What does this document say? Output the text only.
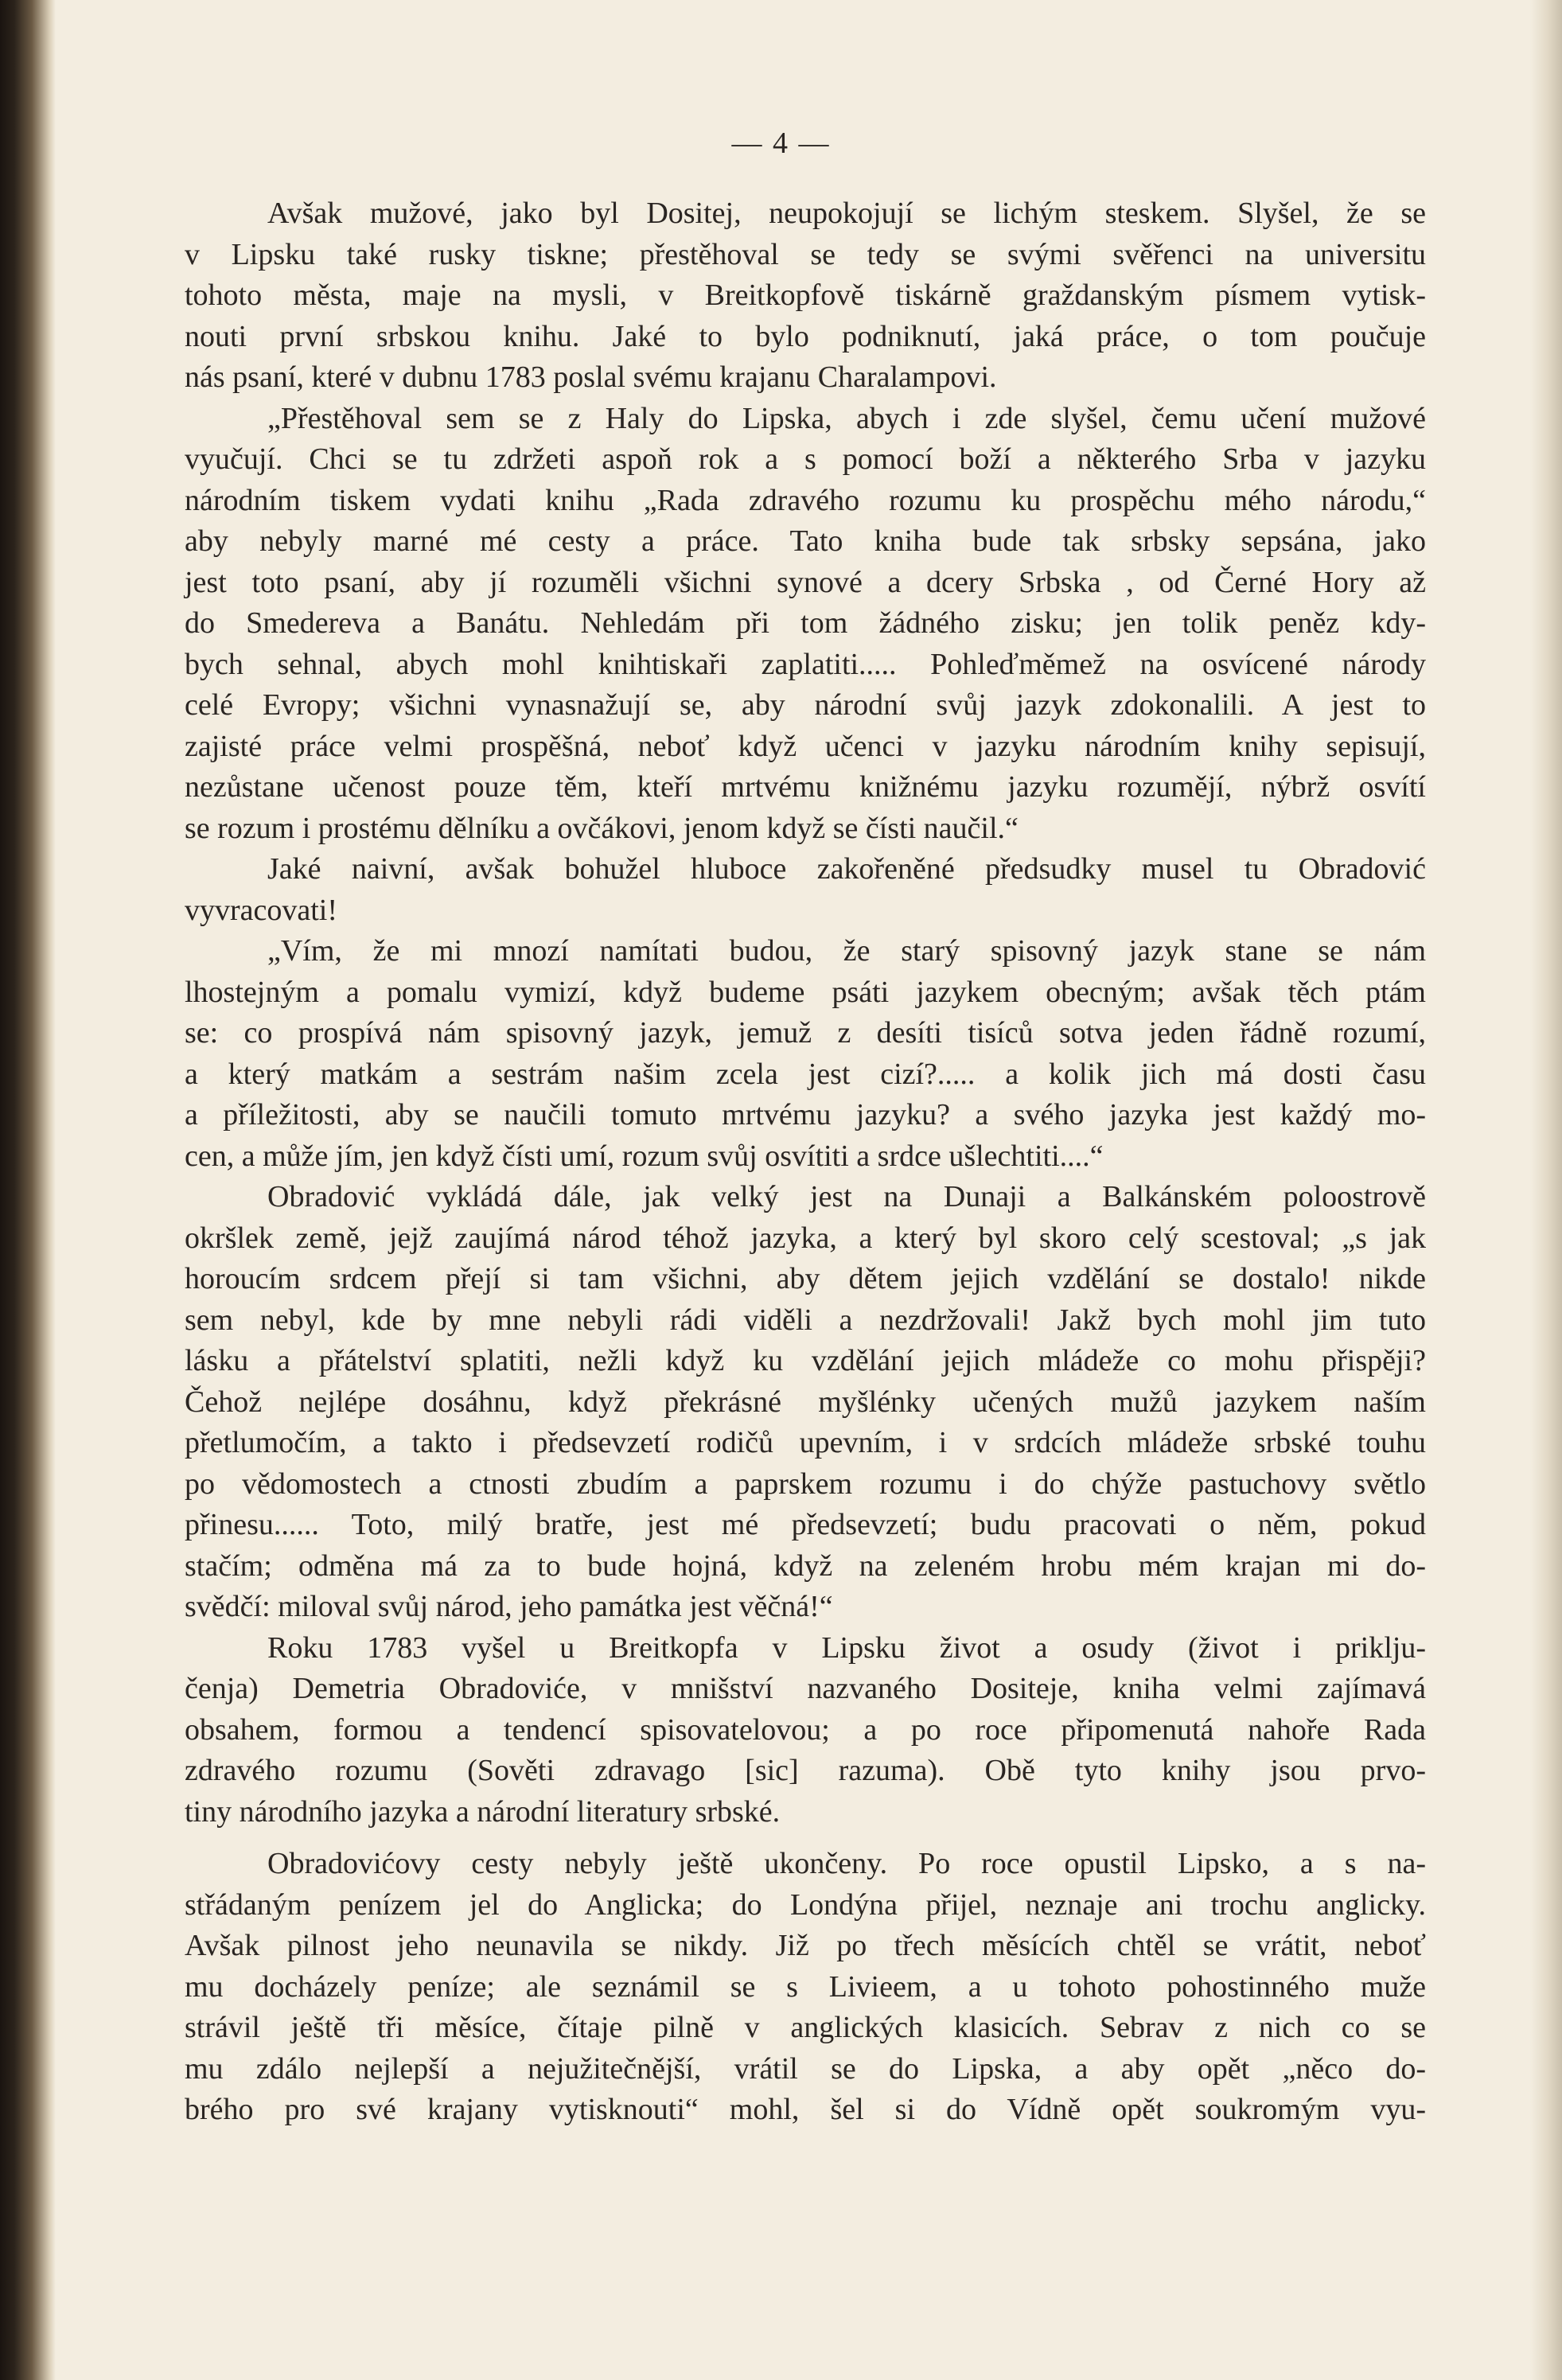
— 4 —
Avšak mužové, jako byl Dositej, neupokojují se lichým steskem. Slyšel, že se
v Lipsku také rusky tiskne; přestěhoval se tedy se svými svěřenci na universitu
tohoto města, maje na mysli, v Breitkopfově tiskárně graždanským písmem vytisk-
nouti první srbskou knihu. Jaké to bylo podniknutí, jaká práce, o tom poučuje
nás psaní, které v dubnu 1783 poslal svému krajanu Charalampovi.
„Přestěhoval sem se z Haly do Lipska, abych i zde slyšel, čemu učení mužové
vyučují. Chci se tu zdržeti aspoň rok a s pomocí boží a některého Srba v jazyku
národním tiskem vydati knihu „Rada zdravého rozumu ku prospěchu mého národu,“
aby nebyly marné mé cesty a práce. Tato kniha bude tak srbsky sepsána, jako
jest toto psaní, aby jí rozuměli všichni synové a dcery Srbska , od Černé Hory až
do Smedereva a Banátu. Nehledám při tom žádného zisku; jen tolik peněz kdy-
bych sehnal, abych mohl knihtiskaři zaplatiti..... Pohleďměmež na osvícené národy
celé Evropy; všichni vynasnažují se, aby národní svůj jazyk zdokonalili. A jest to
zajisté práce velmi prospěšná, neboť když učenci v jazyku národním knihy sepisují,
nezůstane učenost pouze těm, kteří mrtvému knižnému jazyku rozumějí, nýbrž osvítí
se rozum i prostému dělníku a ovčákovi, jenom když se čísti naučil.“
Jaké naivní, avšak bohužel hluboce zakořeněné předsudky musel tu Obradović
vyvracovati!
„Vím, že mi mnozí namítati budou, že starý spisovný jazyk stane se nám
lhostejným a pomalu vymizí, když budeme psáti jazykem obecným; avšak těch ptám
se: co prospívá nám spisovný jazyk, jemuž z desíti tisíců sotva jeden řádně rozumí,
a který matkám a sestrám našim zcela jest cizí?..... a kolik jich má dosti času
a příležitosti, aby se naučili tomuto mrtvému jazyku? a svého jazyka jest každý mo-
cen, a může jím, jen když čísti umí, rozum svůj osvítiti a srdce ušlechtiti....“
Obradović vykládá dále, jak velký jest na Dunaji a Balkánském poloostrově
okršlek země, jejž zaujímá národ téhož jazyka, a který byl skoro celý scestoval; „s jak
horoucím srdcem přejí si tam všichni, aby dětem jejich vzdělání se dostalo! nikde
sem nebyl, kde by mne nebyli rádi viděli a nezdržovali! Jakž bych mohl jim tuto
lásku a přátelství splatiti, nežli když ku vzdělání jejich mládeže co mohu přispěji?
Čehož nejlépe dosáhnu, když překrásné myšlénky učených mužů jazykem naším
přetlumočím, a takto i předsevzetí rodičů upevním, i v srdcích mládeže srbské touhu
po vědomostech a ctnosti zbudím a paprskem rozumu i do chýže pastuchovy světlo
přinesu...... Toto, milý bratře, jest mé předsevzetí; budu pracovati o něm, pokud
stačím; odměna má za to bude hojná, když na zeleném hrobu mém krajan mi do-
svědčí: miloval svůj národ, jeho památka jest věčná!“
Roku 1783 vyšel u Breitkopfa v Lipsku život a osudy (život i priklju-
čenja) Demetria Obradoviće, v mnišství nazvaného Dositeje, kniha velmi zajímavá
obsahem, formou a tendencí spisovatelovou; a po roce připomenutá nahoře Rada
zdravého rozumu (Sověti zdravago [sic] razuma). Obě tyto knihy jsou prvo-
tiny národního jazyka a národní literatury srbské.
Obradovićovy cesty nebyly ještě ukončeny. Po roce opustil Lipsko, a s na-
střádaným penízem jel do Anglicka; do Londýna přijel, neznaje ani trochu anglicky.
Avšak pilnost jeho neunavila se nikdy. Již po třech měsících chtěl se vrátit, neboť
mu docházely peníze; ale seznámil se s Livieem, a u tohoto pohostinného muže
strávil ještě tři měsíce, čítaje pilně v anglických klasicích. Sebrav z nich co se
mu zdálo nejlepší a nejužitečnější, vrátil se do Lipska, a aby opět „něco do-
brého pro své krajany vytisknouti“ mohl, šel si do Vídně opět soukromým vyu-
